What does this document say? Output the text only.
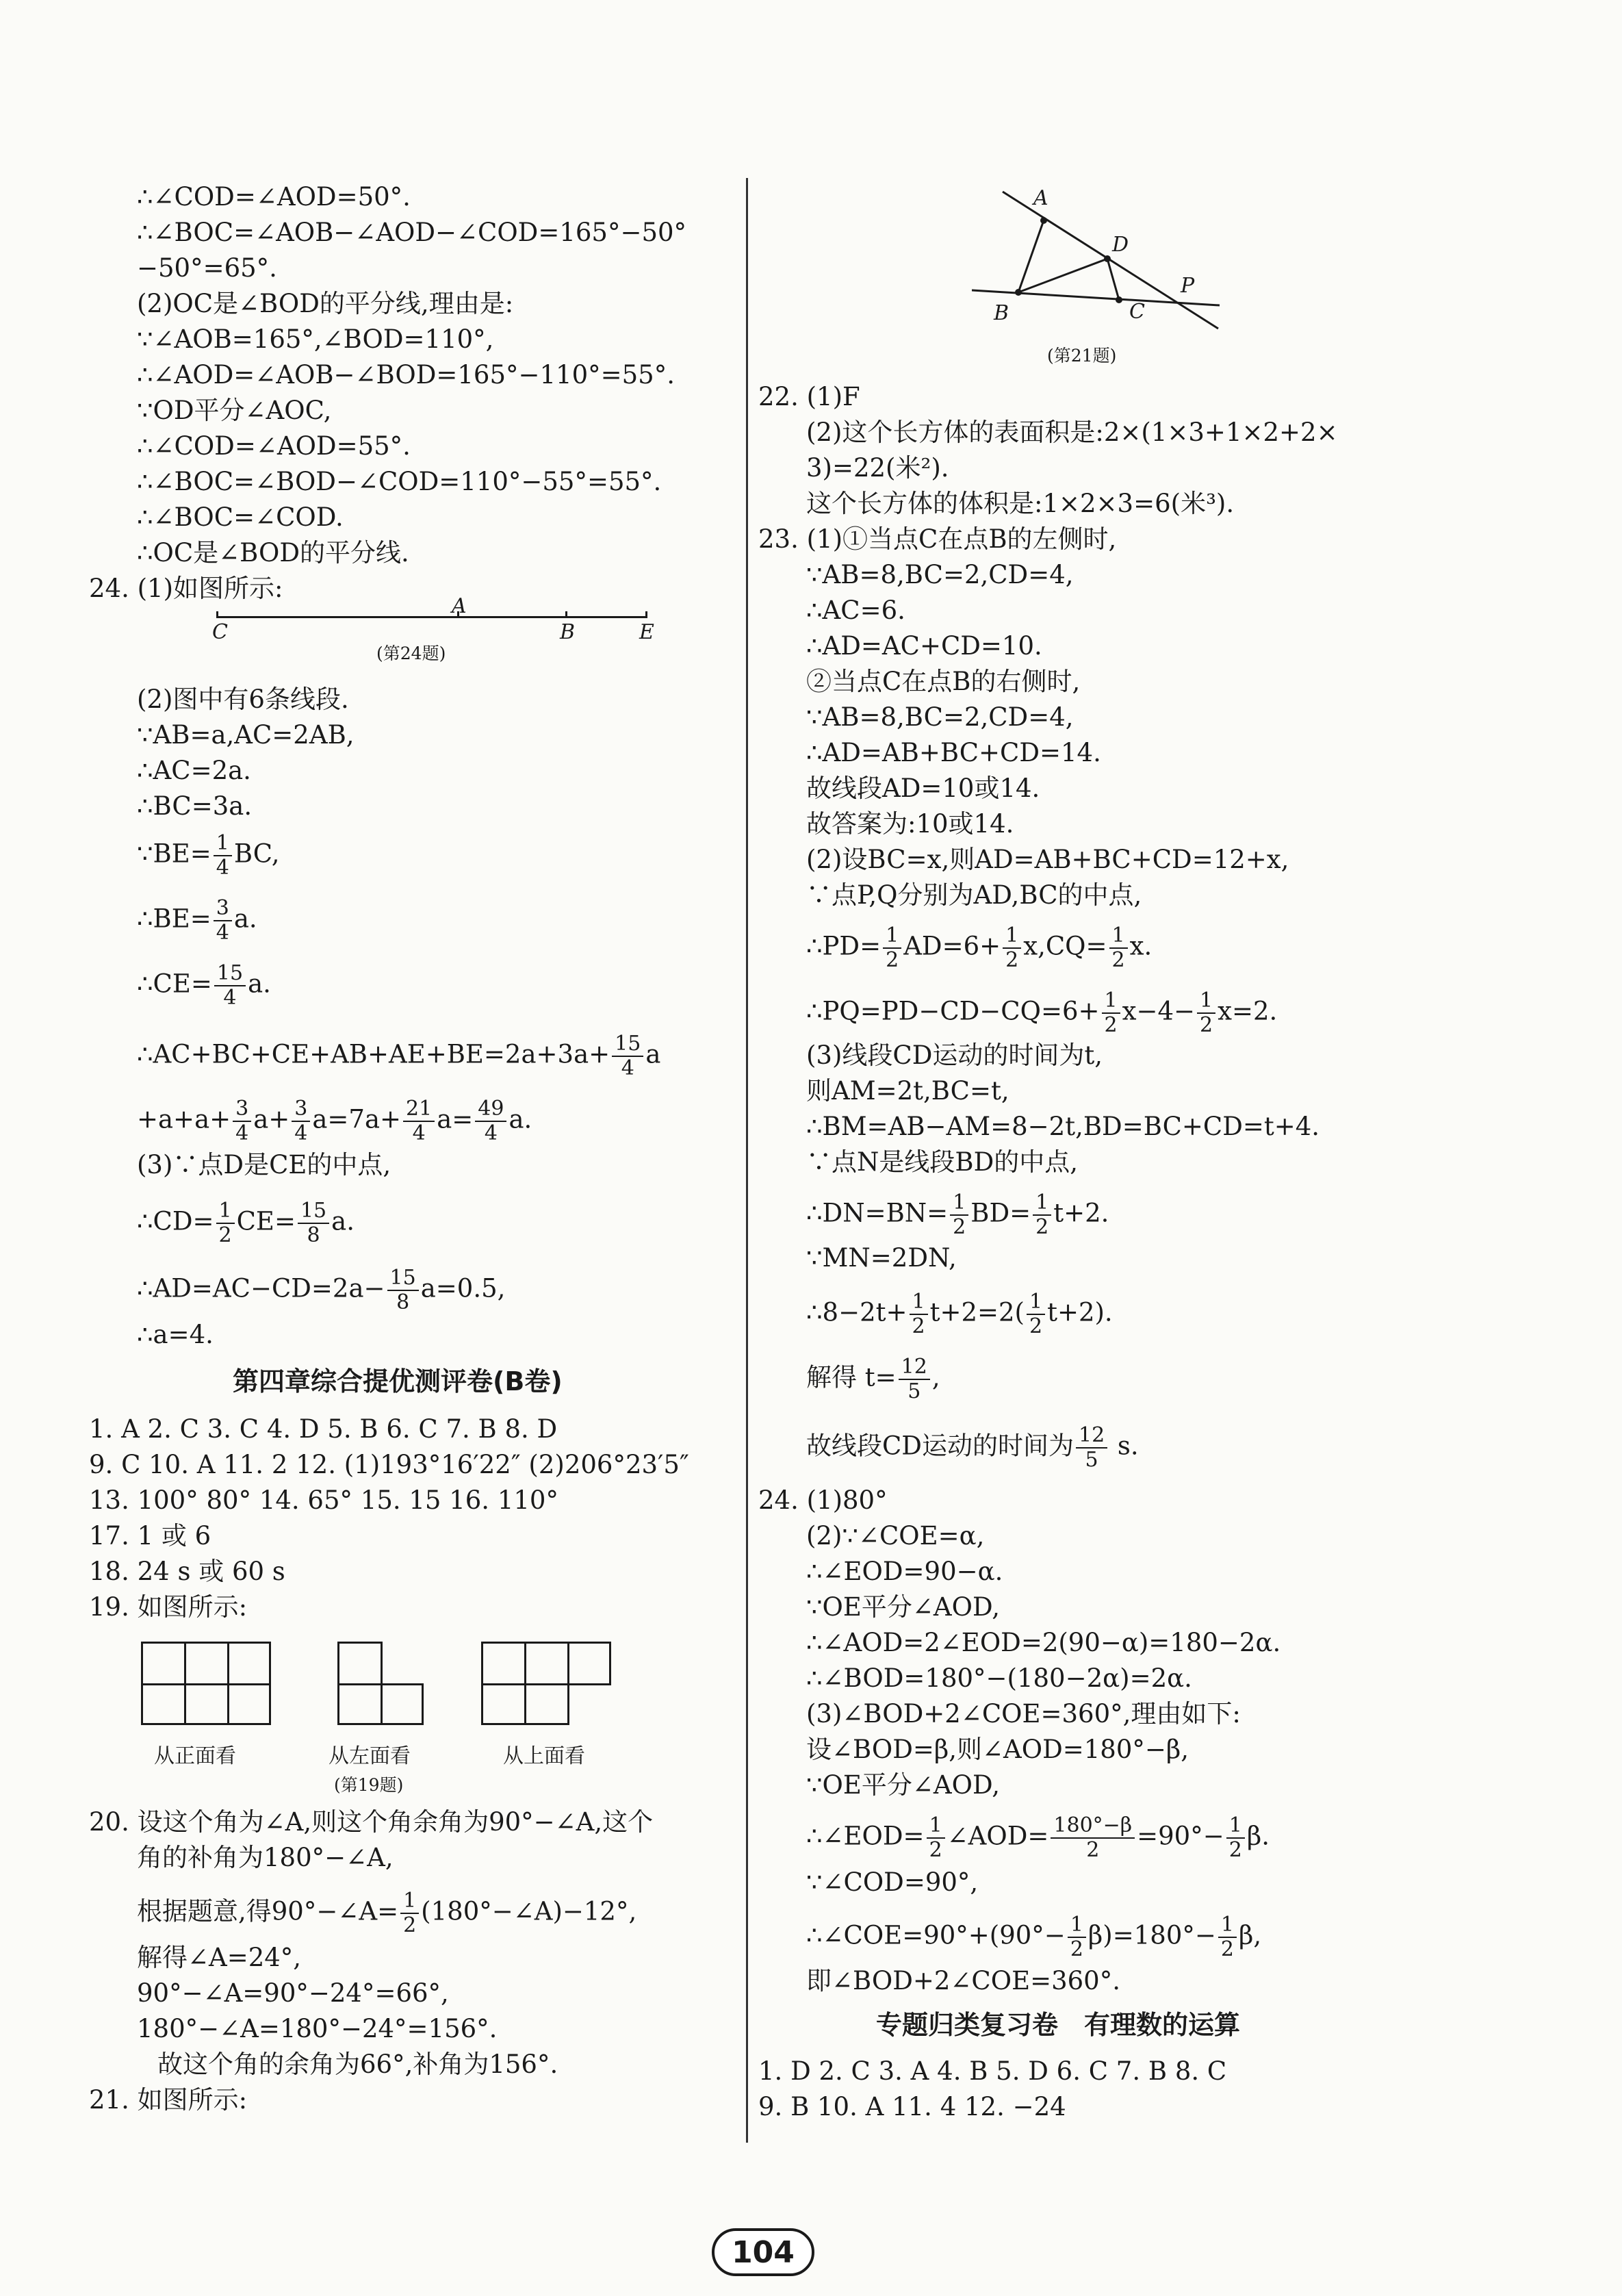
∴∠COD=∠AOD=50°.
∴∠BOC=∠AOB−∠AOD−∠COD=165°−50°
−50°=65°.
(2)OC是∠BOD的平分线,理由是:
∵∠AOB=165°,∠BOD=110°,
∴∠AOD=∠AOB−∠BOD=165°−110°=55°.
∵OD平分∠AOC,
∴∠COD=∠AOD=55°.
∴∠BOC=∠BOD−∠COD=110°−55°=55°.
∴∠BOC=∠COD.
∴OC是∠BOD的平分线.
24. (1)如图所示:
C
A
B	E
(第24题)
(2)图中有6条线段.
∵AB=a,AC=2AB,
∴AC=2a.
∴BC=3a.
∵BE= $\frac{1}{4}$ BC,
∴BE= $\frac{3}{4} a$.
∴CE= $\frac{15}{4} a$.
∴AC+BC+CE+AB+AE+BE=2a+3a+ $\frac{15}{4}$ a
$+a+a+ \frac{3}{4} a+ \frac{3}{4} a=7a+ \frac{21}{4} a= \frac{49}{4} a$.
(3)∵点D是CE的中点,
∴CD= $\frac{1}{2} CE= \frac{15}{8} a$.
∴AD=AC−CD=2a− $\frac{15}{8} a=0.5$,
∴a=4.
第四章综合提优测评卷(B卷)
1. A 2. C 3. C 4. D 5. B 6. C 7. B 8. D
9. C 10. A 11. 2 12. (1)193°16′22″ (2)206°23′5″
13. 100° 80° 14. 65° 15. 15 16. 110°
17. 1 或 6
18. 24 s 或 60 s
19. 如图所示:
从正面看	从左面看	从上面看
(第19题)
20. 设这个角为∠A,则这个角余角为90°−∠A,这个
角的补角为180°−∠A,
根据题意,得90°−∠A= $\frac{1}{2}$ (180°−∠A)−12°,
解得∠A=24°,
90°−∠A=90°−24°=66°,
180°−∠A=180°−24°=156°.
故这个角的余角为66°,补角为156°.
21. 如图所示:
A
D
P
B	C
(第21题)
22. (1)F
(2)这个长方体的表面积是:2×(1×3+1×2+2×
3)=22(米²).
这个长方体的体积是:1×2×3=6(米³).
23. (1)①当点C在点B的左侧时,
∵AB=8,BC=2,CD=4,
∴AC=6.
∴AD=AC+CD=10.
②当点C在点B的右侧时,
∵AB=8,BC=2,CD=4,
∴AD=AB+BC+CD=14.
故线段AD=10或14.
故答案为:10或14.
(2)设BC=x,则AD=AB+BC+CD=12+x,
∵点P,Q分别为AD,BC的中点,
∴PD= $\frac{1}{2} AD=6+ \frac{1}{2} x,CQ= \frac{1}{2} x$.
∴PQ=PD−CD−CQ=6+ $\frac{1}{2} x-4- \frac{1}{2} x=2$.
(3)线段CD运动的时间为t,
则AM=2t,BC=t,
∴BM=AB−AM=8−2t,BD=BC+CD=t+4.
∵点N是线段BD的中点,
∴DN=BN= $\frac{1}{2} BD= \frac{1}{2} t+2$.
∵MN=2DN,
∴8−2t+ $\frac{1}{2} t+2=2( \frac{1}{2} t+2)$.
解得 $t= \frac{12}{5}$ ,
故线段CD运动的时间为 $\frac{12}{5} s$.
24. (1)80°
(2)∵∠COE=α,
∴∠EOD=90−α.
∵OE平分∠AOD,
∴∠AOD=2∠EOD=2(90−α)=180−2α.
∴∠BOD=180°−(180−2α)=2α.
(3)∠BOD+2∠COE=360°,理由如下:
设∠BOD=β,则∠AOD=180°−β,
∵OE平分∠AOD,
∴∠EOD= $\frac{1}{2}$ ∠AOD= $\frac{180^\circ-\beta}{2} =90^\circ- \frac{1}{2} \beta$.
∵∠COD=90°,
∴∠COE=90°+(90°− $\frac{1}{2} \beta)=180^\circ- \frac{1}{2} \beta$,
即∠BOD+2∠COE=360°.
专题归类复习卷　有理数的运算
1. D 2. C 3. A 4. B 5. D 6. C 7. B 8. C
9. B 10. A 11. 4 12. −24
104
